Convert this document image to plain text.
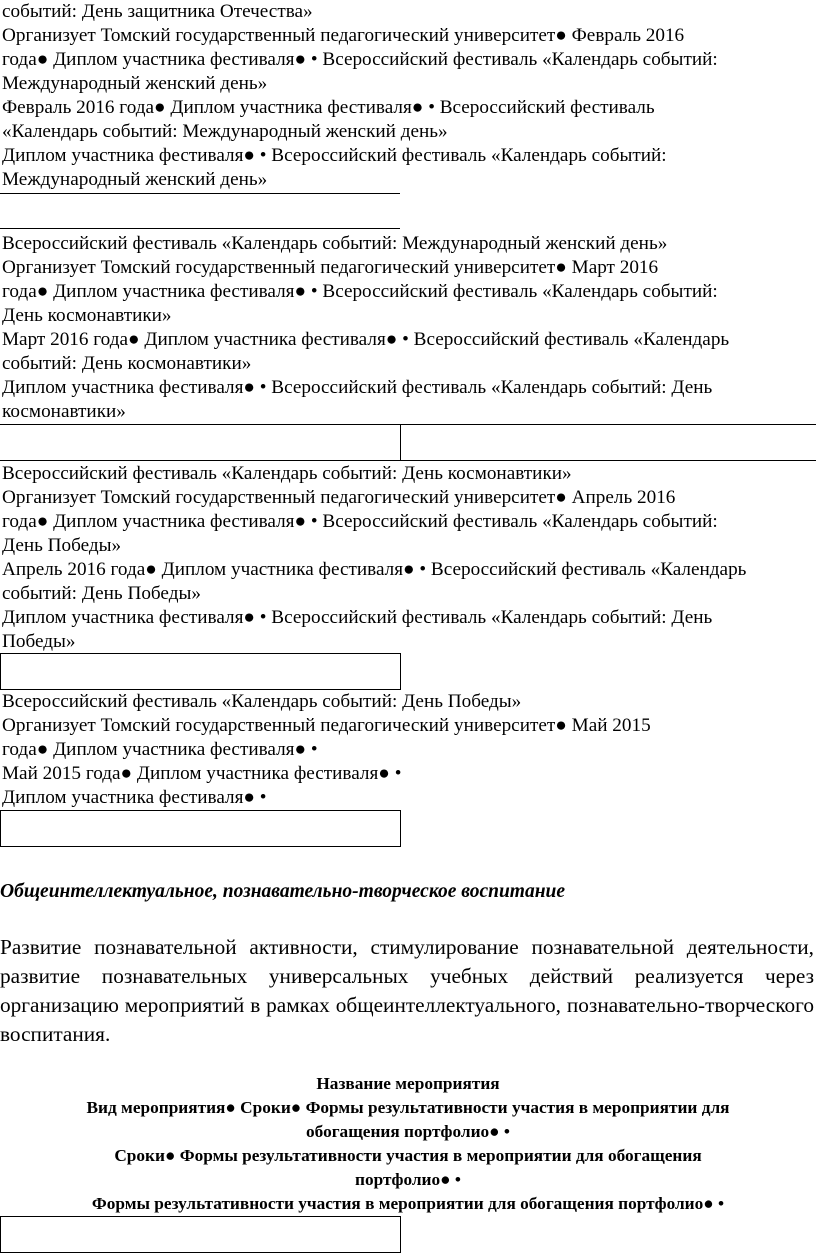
событий: День защитника Отечества»

Организует Томский государственный педагогический университет● Февраль 2016

года● Диплом участника фестиваля● • Всероссийский фестиваль «Календарь событий:

Международный женский день»

Февраль 2016 года● Диплом участника фестиваля● • Всероссийский фестиваль

«Календарь событий: Международный женский день»

Диплом участника фестиваля● • Всероссийский фестиваль «Календарь событий:

Международный женский день»

Всероссийский фестиваль «Календарь событий: Международный женский день»

Организует Томский государственный педагогический университет● Март 2016

года● Диплом участника фестиваля● • Всероссийский фестиваль «Календарь событий:

День космонавтики»

Март 2016 года● Диплом участника фестиваля● • Всероссийский фестиваль «Календарь

событий: День космонавтики»

Диплом участника фестиваля● • Всероссийский фестиваль «Календарь событий: День

космонавтики»

Всероссийский фестиваль «Календарь событий: День космонавтики»

Организует Томский государственный педагогический университет● Апрель 2016

года● Диплом участника фестиваля● • Всероссийский фестиваль «Календарь событий:

День Победы»

Апрель 2016 года● Диплом участника фестиваля● • Всероссийский фестиваль «Календарь

событий: День Победы»

Диплом участника фестиваля● • Всероссийский фестиваль «Календарь событий: День

Победы»

Всероссийский фестиваль «Календарь событий: День Победы»

Организует Томский государственный педагогический университет● Май 2015

года● Диплом участника фестиваля● •

Май 2015 года● Диплом участника фестиваля● •

Диплом участника фестиваля● •

Общеинтеллектуальное, познавательно-творческое воспитание

Развитие познавательной активности, стимулирование познавательной деятельности, развитие познавательных универсальных учебных действий реализуется через организацию мероприятий в рамках общеинтеллектуального, познавательно-творческого воспитания.

Название мероприятия

Вид мероприятия● Сроки● Формы результативности участия в мероприятии для

обогащения портфолио● •

Сроки● Формы результативности участия в мероприятии для обогащения

портфолио● •

Формы результативности участия в мероприятии для обогащения портфолио● •
